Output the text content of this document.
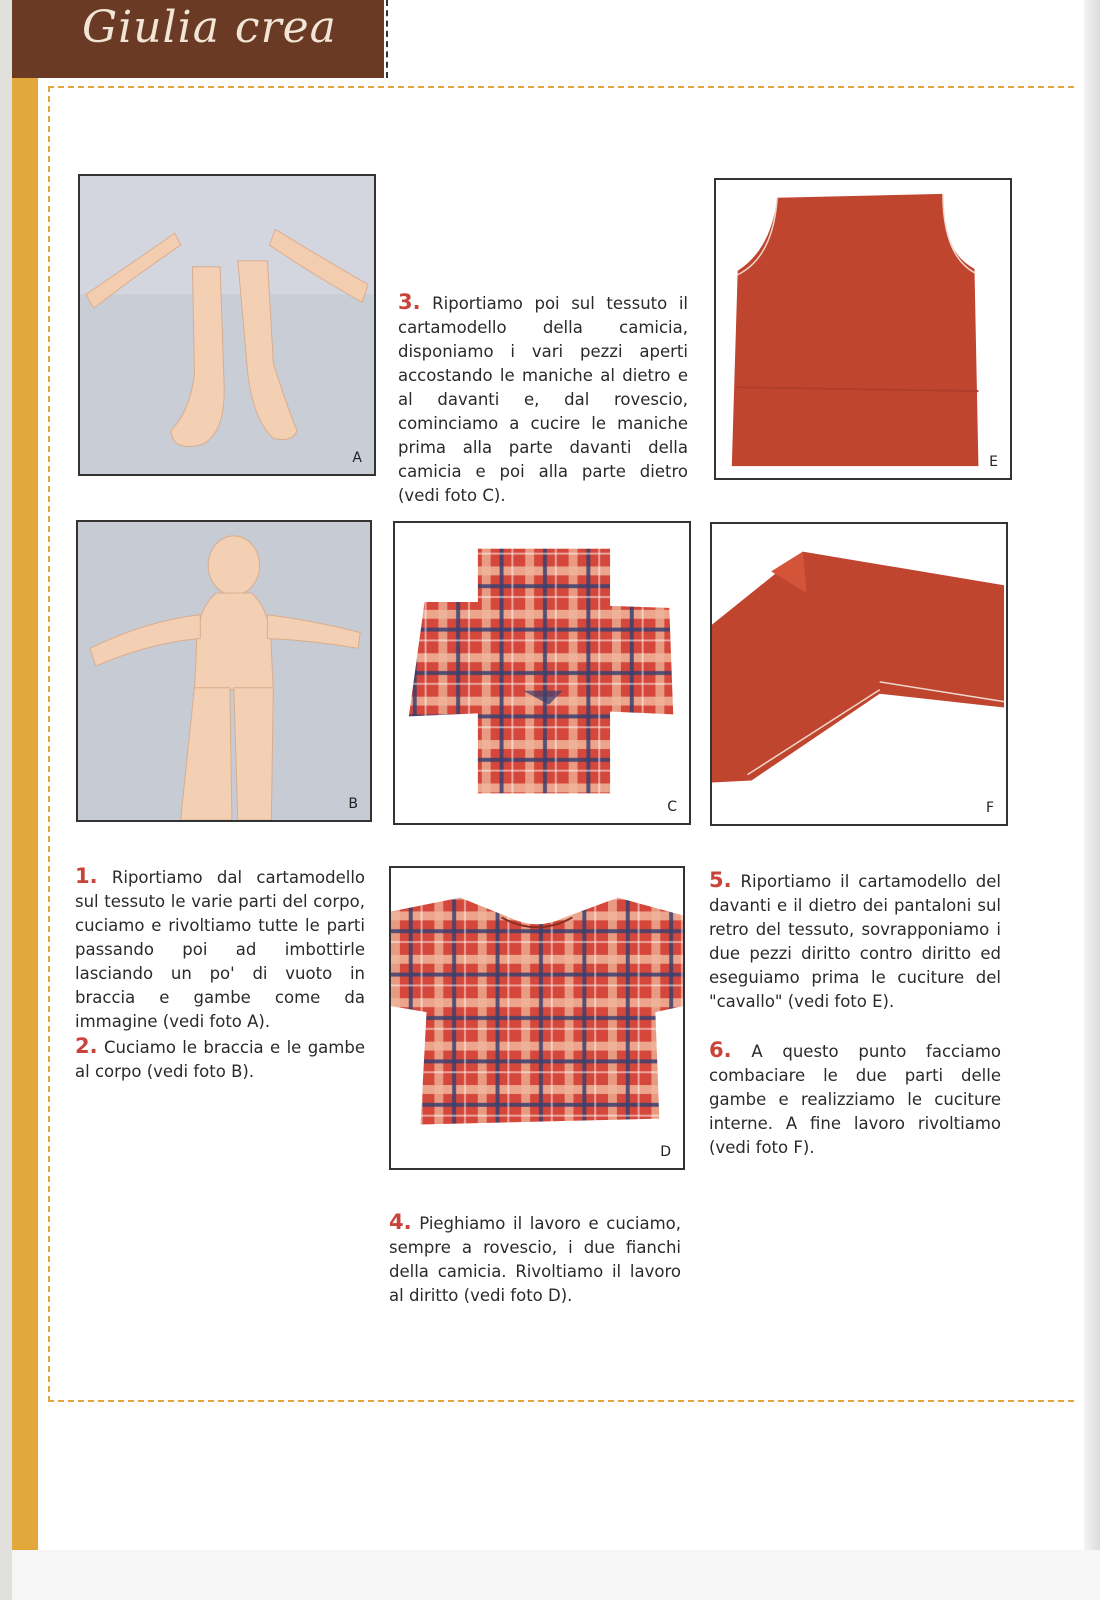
Giulia crea
A
3. Riportiamo poi sul tessuto il cartamodello della camicia, disponiamo i vari pezzi aperti accostando le maniche al dietro e al davanti e, dal rovescio, cominciamo a cucire le maniche prima alla parte davanti della camicia e poi alla parte dietro (vedi foto C).
E
B	C	F
1. Riportiamo dal cartamodello sul tessuto le varie parti del corpo, cuciamo e rivoltiamo tutte le parti passando poi ad imbottirle lasciando un po' di vuoto in braccia e gambe come da immagine (vedi foto A).
2. Cuciamo le braccia e le gambe al corpo (vedi foto B).
D
5. Riportiamo il cartamodello del davanti e il dietro dei pantaloni sul retro del tessuto, sovrapponiamo i due pezzi diritto contro diritto ed eseguiamo prima le cuciture del "cavallo" (vedi foto E).
6. A questo punto facciamo combaciare le due parti delle gambe e realizziamo le cuciture interne. A fine lavoro rivoltiamo (vedi foto F).
4. Pieghiamo il lavoro e cuciamo, sempre a rovescio, i due fianchi della camicia. Rivoltiamo il lavoro al diritto (vedi foto D).
